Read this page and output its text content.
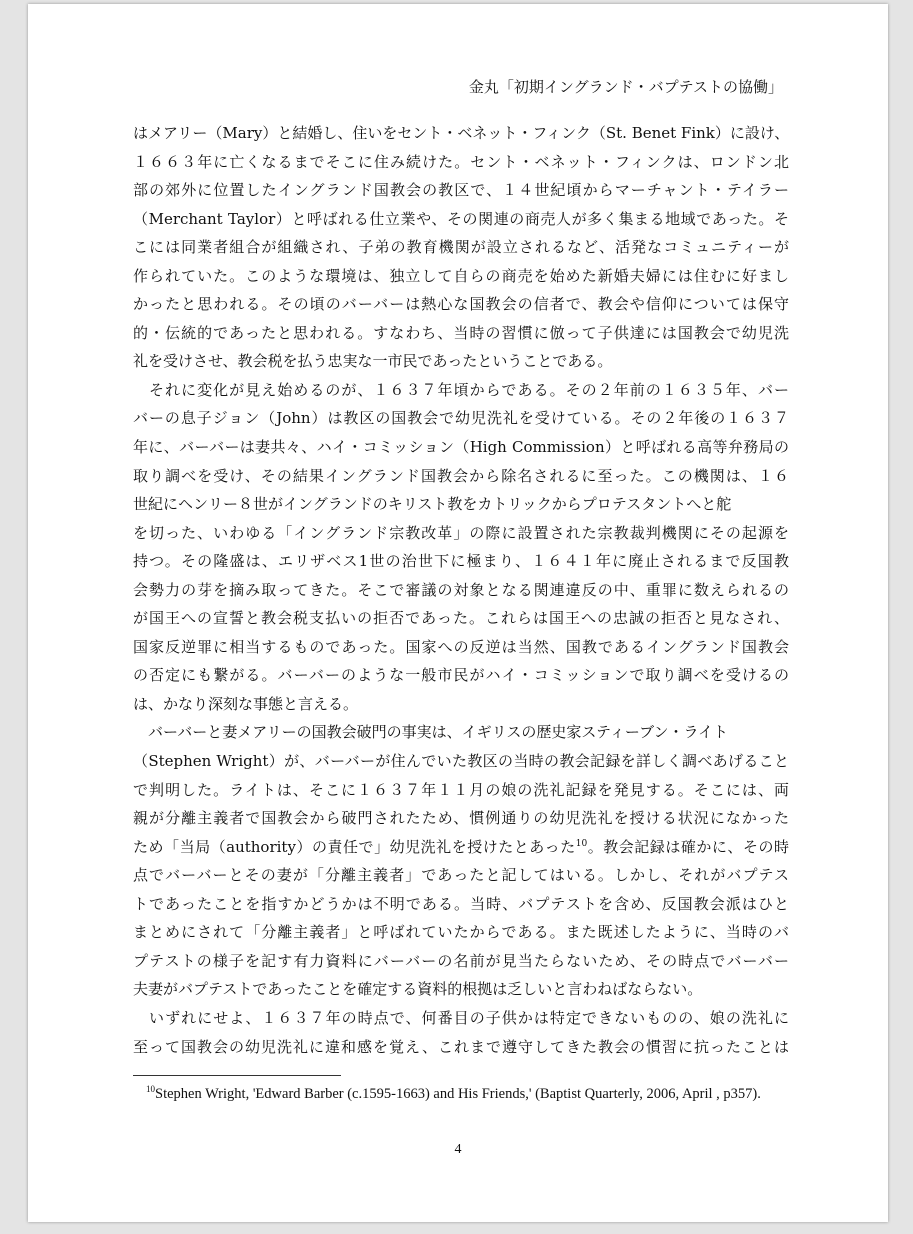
金丸「初期イングランド・バプテストの協働」
はメアリー（Mary）と結婚し、住いをセント・ベネット・フィンク（St. Benet Fink）に設け、
１６６３年に亡くなるまでそこに住み続けた。セント・ベネット・フィンクは、ロンドン北
部の郊外に位置したイングランド国教会の教区で、１４世紀頃からマーチャント・テイラー
（Merchant Taylor）と呼ばれる仕立業や、その関連の商売人が多く集まる地域であった。そ
こには同業者組合が組織され、子弟の教育機関が設立されるなど、活発なコミュニティーが
作られていた。このような環境は、独立して自らの商売を始めた新婚夫婦には住むに好まし
かったと思われる。その頃のバーバーは熱心な国教会の信者で、教会や信仰については保守
的・伝統的であったと思われる。すなわち、当時の習慣に倣って子供達には国教会で幼児洗
礼を受けさせ、教会税を払う忠実な一市民であったということである。
　それに変化が見え始めるのが、１６３７年頃からである。その２年前の１６３５年、バー
バーの息子ジョン（John）は教区の国教会で幼児洗礼を受けている。その２年後の１６３７
年に、バーバーは妻共々、ハイ・コミッション（High Commission）と呼ばれる高等弁務局の
取り調べを受け、その結果イングランド国教会から除名されるに至った。この機関は、１６
世紀にヘンリー８世がイングランドのキリスト教をカトリックからプロテスタントへと舵
を切った、いわゆる「イングランド宗教改革」の際に設置された宗教裁判機関にその起源を
持つ。その隆盛は、エリザベス1世の治世下に極まり、１６４１年に廃止されるまで反国教
会勢力の芽を摘み取ってきた。そこで審議の対象となる関連違反の中、重罪に数えられるの
が国王への宣誓と教会税支払いの拒否であった。これらは国王への忠誠の拒否と見なされ、
国家反逆罪に相当するものであった。国家への反逆は当然、国教であるイングランド国教会
の否定にも繋がる。バーバーのような一般市民がハイ・コミッションで取り調べを受けるの
は、かなり深刻な事態と言える。
　バーバーと妻メアリーの国教会破門の事実は、イギリスの歴史家スティーブン・ライト
（Stephen Wright）が、バーバーが住んでいた教区の当時の教会記録を詳しく調べあげること
で判明した。ライトは、そこに１６３７年１１月の娘の洗礼記録を発見する。そこには、両
親が分離主義者で国教会から破門されたため、慣例通りの幼児洗礼を授ける状況になかった
ため「当局（authority）の責任で」幼児洗礼を授けたとあった$^{10}$。教会記録は確かに、その時
点でバーバーとその妻が「分離主義者」であったと記してはいる。しかし、それがバプテス
トであったことを指すかどうかは不明である。当時、バプテストを含め、反国教会派はひと
まとめにされて「分離主義者」と呼ばれていたからである。また既述したように、当時のバ
プテストの様子を記す有力資料にバーバーの名前が見当たらないため、その時点でバーバー
夫妻がバプテストであったことを確定する資料的根拠は乏しいと言わねばならない。
　いずれにせよ、１６３７年の時点で、何番目の子供かは特定できないものの、娘の洗礼に
至って国教会の幼児洗礼に違和感を覚え、これまで遵守してきた教会の慣習に抗ったことは
$^{10}$Stephen Wright, 'Edward Barber (c.1595-1663) and His Friends,' (Baptist Quarterly, 2006, April , p357).
4
